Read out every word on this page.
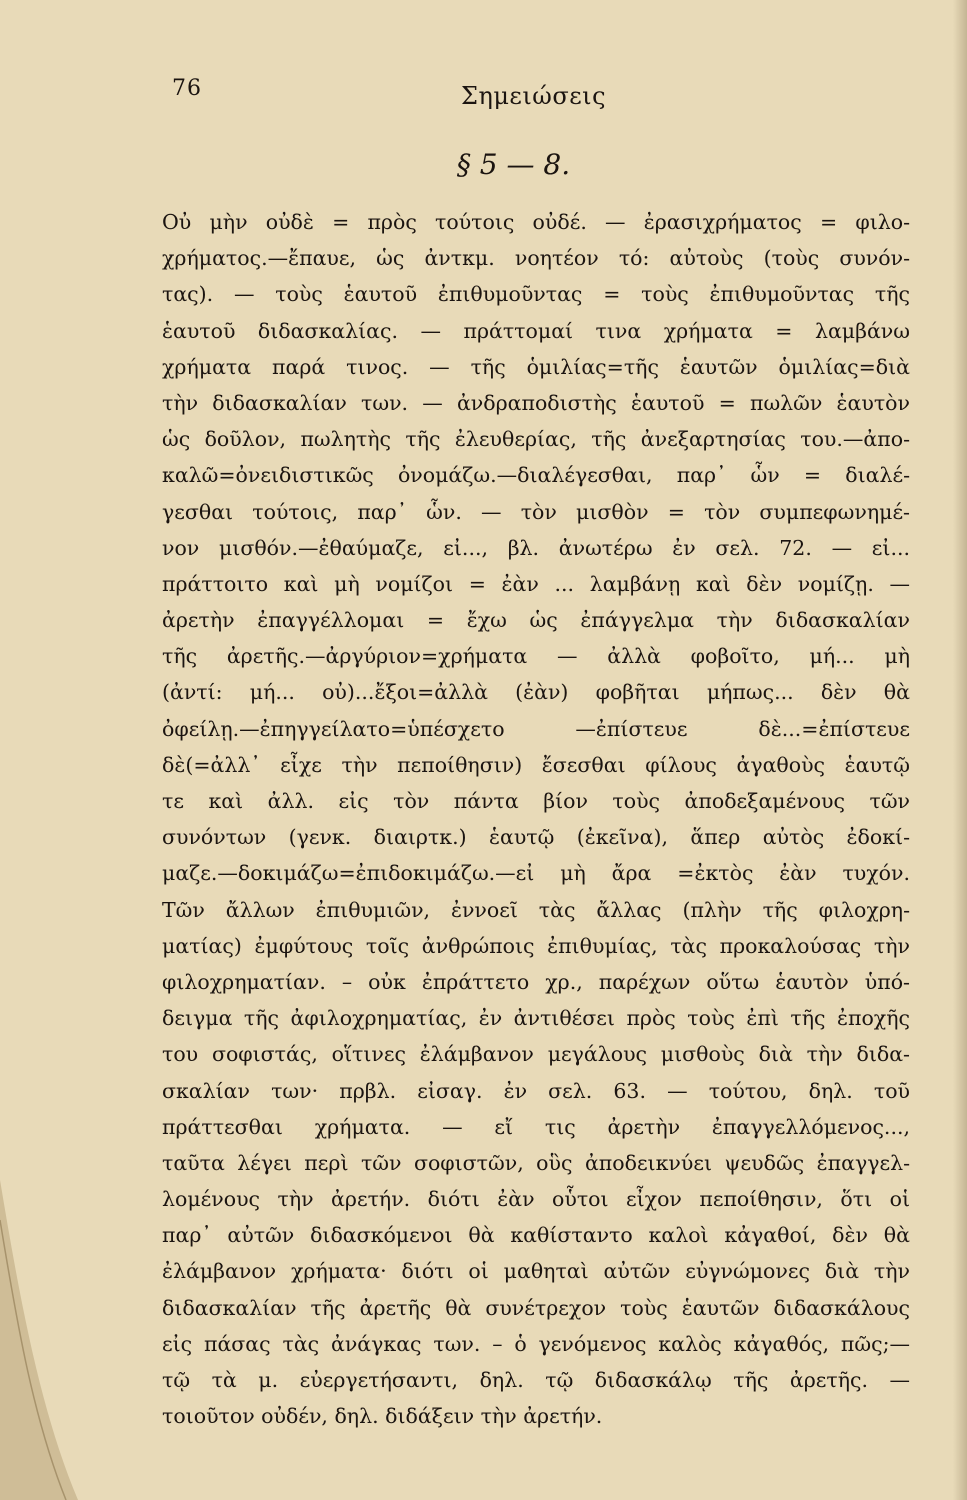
76	Σημειώσεις
§ 5 — 8.
Οὐ μὴν οὐδὲ = πρὸς τούτοις οὐδέ. — ἐρασιχρήματος = φιλο-
χρήματος.—ἔπαυε, ὡς ἀντκμ. νοητέον τό: αὐτοὺς (τοὺς συνόν-
τας). — τοὺς ἑαυτοῦ ἐπιθυμοῦντας = τοὺς ἐπιθυμοῦντας τῆς
ἑαυτοῦ διδασκαλίας. — πράττομαί τινα χρήματα = λαμβάνω
χρήματα παρά τινος. — τῆς ὁμιλίας=τῆς ἑαυτῶν ὁμιλίας=διὰ
τὴν διδασκαλίαν των. — ἀνδραποδιστὴς ἑαυτοῦ = πωλῶν ἑαυτὸν
ὡς δοῦλον, πωλητὴς τῆς ἐλευθερίας, τῆς ἀνεξαρτησίας του.—ἀπο-
καλῶ=ὀνειδιστικῶς ὀνομάζω.—διαλέγεσθαι, παρ᾿ ὧν = διαλέ-
γεσθαι τούτοις, παρ᾿ ὧν. — τὸν μισθὸν = τὸν συμπεφωνημέ-
νον μισθόν.—ἐθαύμαζε, εἰ..., βλ. ἀνωτέρω ἐν σελ. 72. — εἰ...
πράττοιτο καὶ μὴ νομίζοι = ἐὰν ... λαμβάνῃ καὶ δὲν νομίζῃ. —
ἀρετὴν ἐπαγγέλλομαι = ἔχω ὡς ἐπάγγελμα τὴν διδασκαλίαν
τῆς ἀρετῆς.—ἀργύριον=χρήματα — ἀλλὰ φοβοῖτο, μή... μὴ
(ἀντί: μή... οὐ)...ἔξοι=ἀλλὰ (ἐὰν) φοβῆται μήπως... δὲν θὰ
ὀφείλῃ.—ἐπηγγείλατο=ὑπέσχετο —ἐπίστευε δὲ...=ἐπίστευε
δὲ(=ἀλλ᾿ εἶχε τὴν πεποίθησιν) ἔσεσθαι φίλους ἀγαθοὺς ἑαυτῷ
τε καὶ ἀλλ. εἰς τὸν πάντα βίον τοὺς ἀποδεξαμένους τῶν
συνόντων (γενκ. διαιρτκ.) ἑαυτῷ (ἐκεῖνα), ἅπερ αὐτὸς ἐδοκί-
μαζε.—δοκιμάζω=ἐπιδοκιμάζω.—εἰ μὴ ἄρα =ἐκτὸς ἐὰν τυχόν.
Τῶν ἄλλων ἐπιθυμιῶν, ἐννοεῖ τὰς ἄλλας (πλὴν τῆς φιλοχρη-
ματίας) ἐμφύτους τοῖς ἀνθρώποις ἐπιθυμίας, τὰς προκαλούσας τὴν
φιλοχρηματίαν. – οὐκ ἐπράττετο χρ., παρέχων οὕτω ἑαυτὸν ὑπό-
δειγμα τῆς ἀφιλοχρηματίας, ἐν ἀντιθέσει πρὸς τοὺς ἐπὶ τῆς ἐποχῆς
του σοφιστάς, οἵτινες ἐλάμβανον μεγάλους μισθοὺς διὰ τὴν διδα-
σκαλίαν των· πρβλ. εἰσαγ. ἐν σελ. 63. — τούτου, δηλ. τοῦ
πράττεσθαι χρήματα. — εἴ τις ἀρετὴν ἐπαγγελλόμενος...,
ταῦτα λέγει περὶ τῶν σοφιστῶν, οὓς ἀποδεικνύει ψευδῶς ἐπαγγελ-
λομένους τὴν ἀρετήν. διότι ἐὰν οὗτοι εἶχον πεποίθησιν, ὅτι οἱ
παρ᾿ αὐτῶν διδασκόμενοι θὰ καθίσταντο καλοὶ κἀγαθοί, δὲν θὰ
ἐλάμβανον χρήματα· διότι οἱ μαθηταὶ αὐτῶν εὐγνώμονες διὰ τὴν
διδασκαλίαν τῆς ἀρετῆς θὰ συνέτρεχον τοὺς ἑαυτῶν διδασκάλους
εἰς πάσας τὰς ἀνάγκας των. – ὁ γενόμενος καλὸς κἀγαθός, πῶς;—
τῷ τὰ μ. εὐεργετήσαντι, δηλ. τῷ διδασκάλῳ τῆς ἀρετῆς. —
τοιοῦτον οὐδέν, δηλ. διδάξειν τὴν ἀρετήν.
